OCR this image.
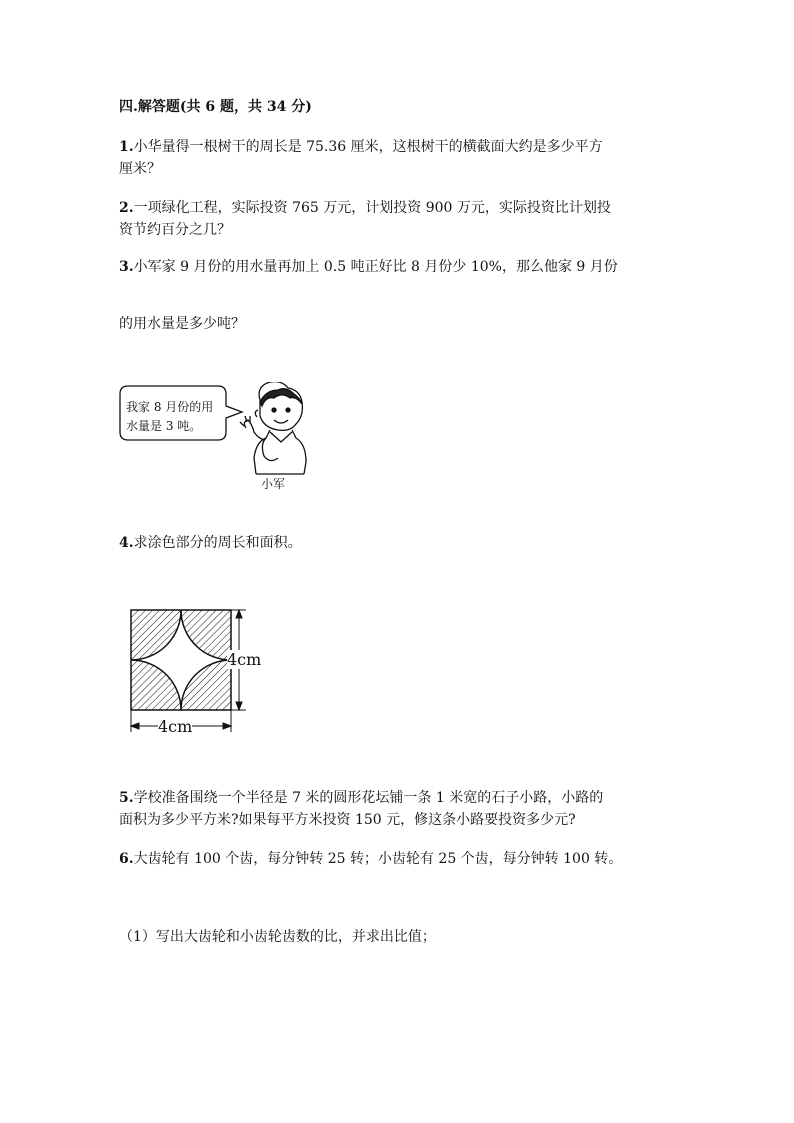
四.解答题(共 6 题，共 34 分)
1.小华量得一根树干的周长是 75.36 厘米，这根树干的横截面大约是多少平方
厘米？
2.一项绿化工程，实际投资 765 万元，计划投资 900 万元，实际投资比计划投
资节约百分之几？
3.小军家 9 月份的用水量再加上 0.5 吨正好比 8 月份少 10%，那么他家 9 月份
的用水量是多少吨？
我家 8 月份的用
水量是 3 吨。
小军
4.求涂色部分的周长和面积。
4cm
4cm
5.学校准备围绕一个半径是 7 米的圆形花坛铺一条 1 米宽的石子小路，小路的
面积为多少平方米?如果每平方米投资 150 元，修这条小路要投资多少元?
6.大齿轮有 100 个齿，每分钟转 25 转；小齿轮有 25 个齿，每分钟转 100 转。
（1）写出大齿轮和小齿轮齿数的比，并求出比值；
